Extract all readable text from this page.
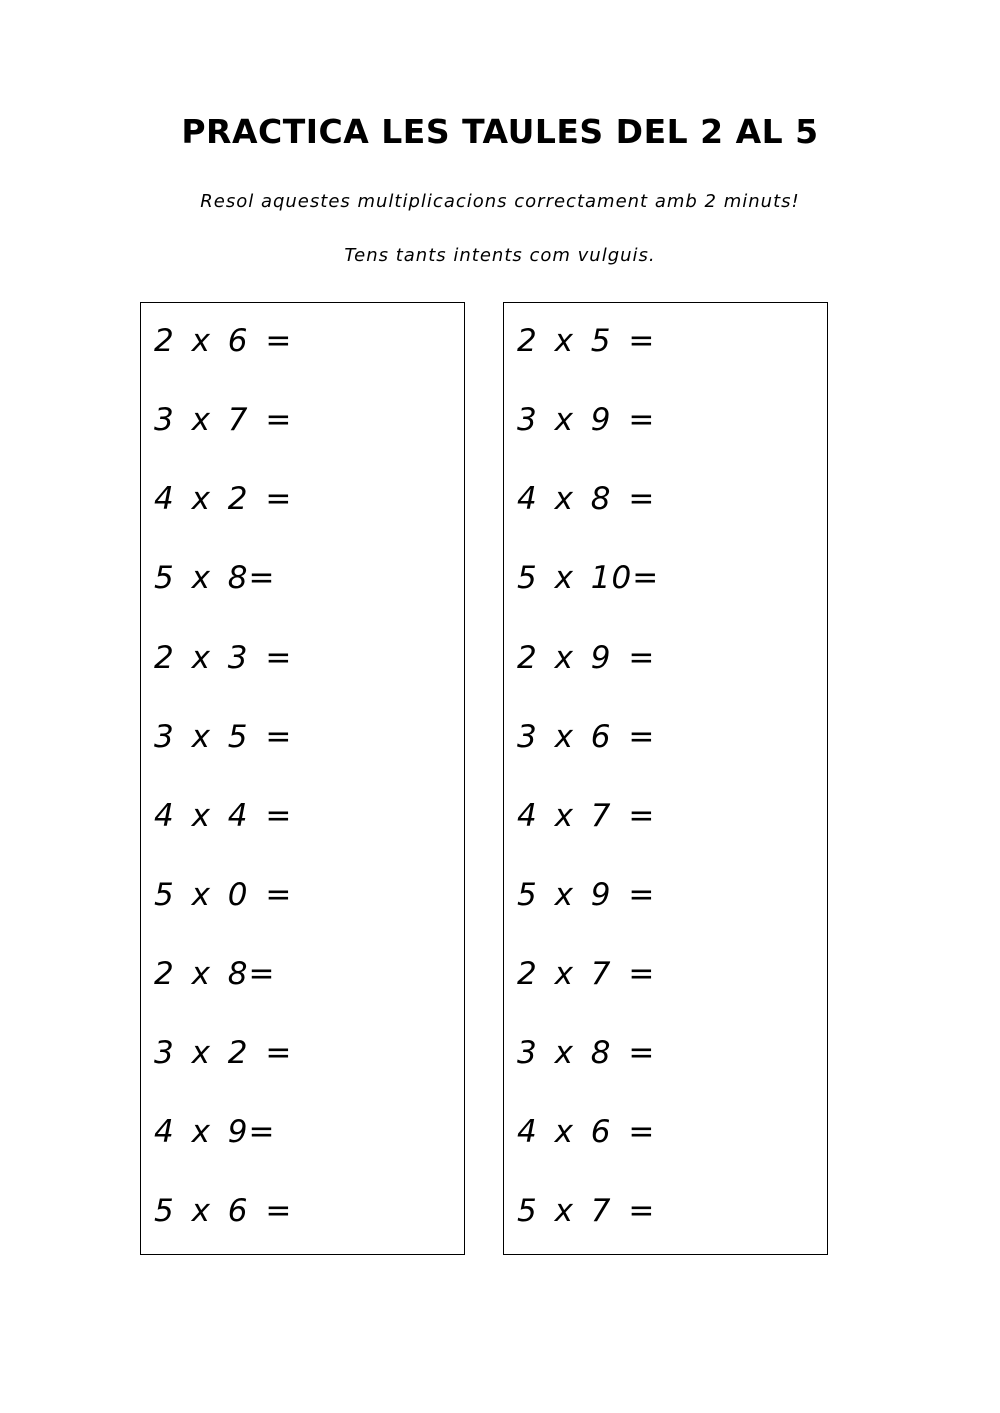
PRACTICA LES TAULES DEL 2 AL 5

Resol aquestes multiplicacions correctament amb 2 minuts!

Tens tants intents com vulguis.

2 x 6 =
3 x 7 =
4 x 2 =
5 x 8=
2 x 3 =
3 x 5 =
4 x 4 =
5 x 0 =
2 x 8=
3 x 2 =
4 x 9=
5 x 6 =
2 x 5 =
3 x 9 =
4 x 8 =
5 x 10=
2 x 9 =
3 x 6 =
4 x 7 =
5 x 9 =
2 x 7 =
3 x 8 =
4 x 6 =
5 x 7 =
